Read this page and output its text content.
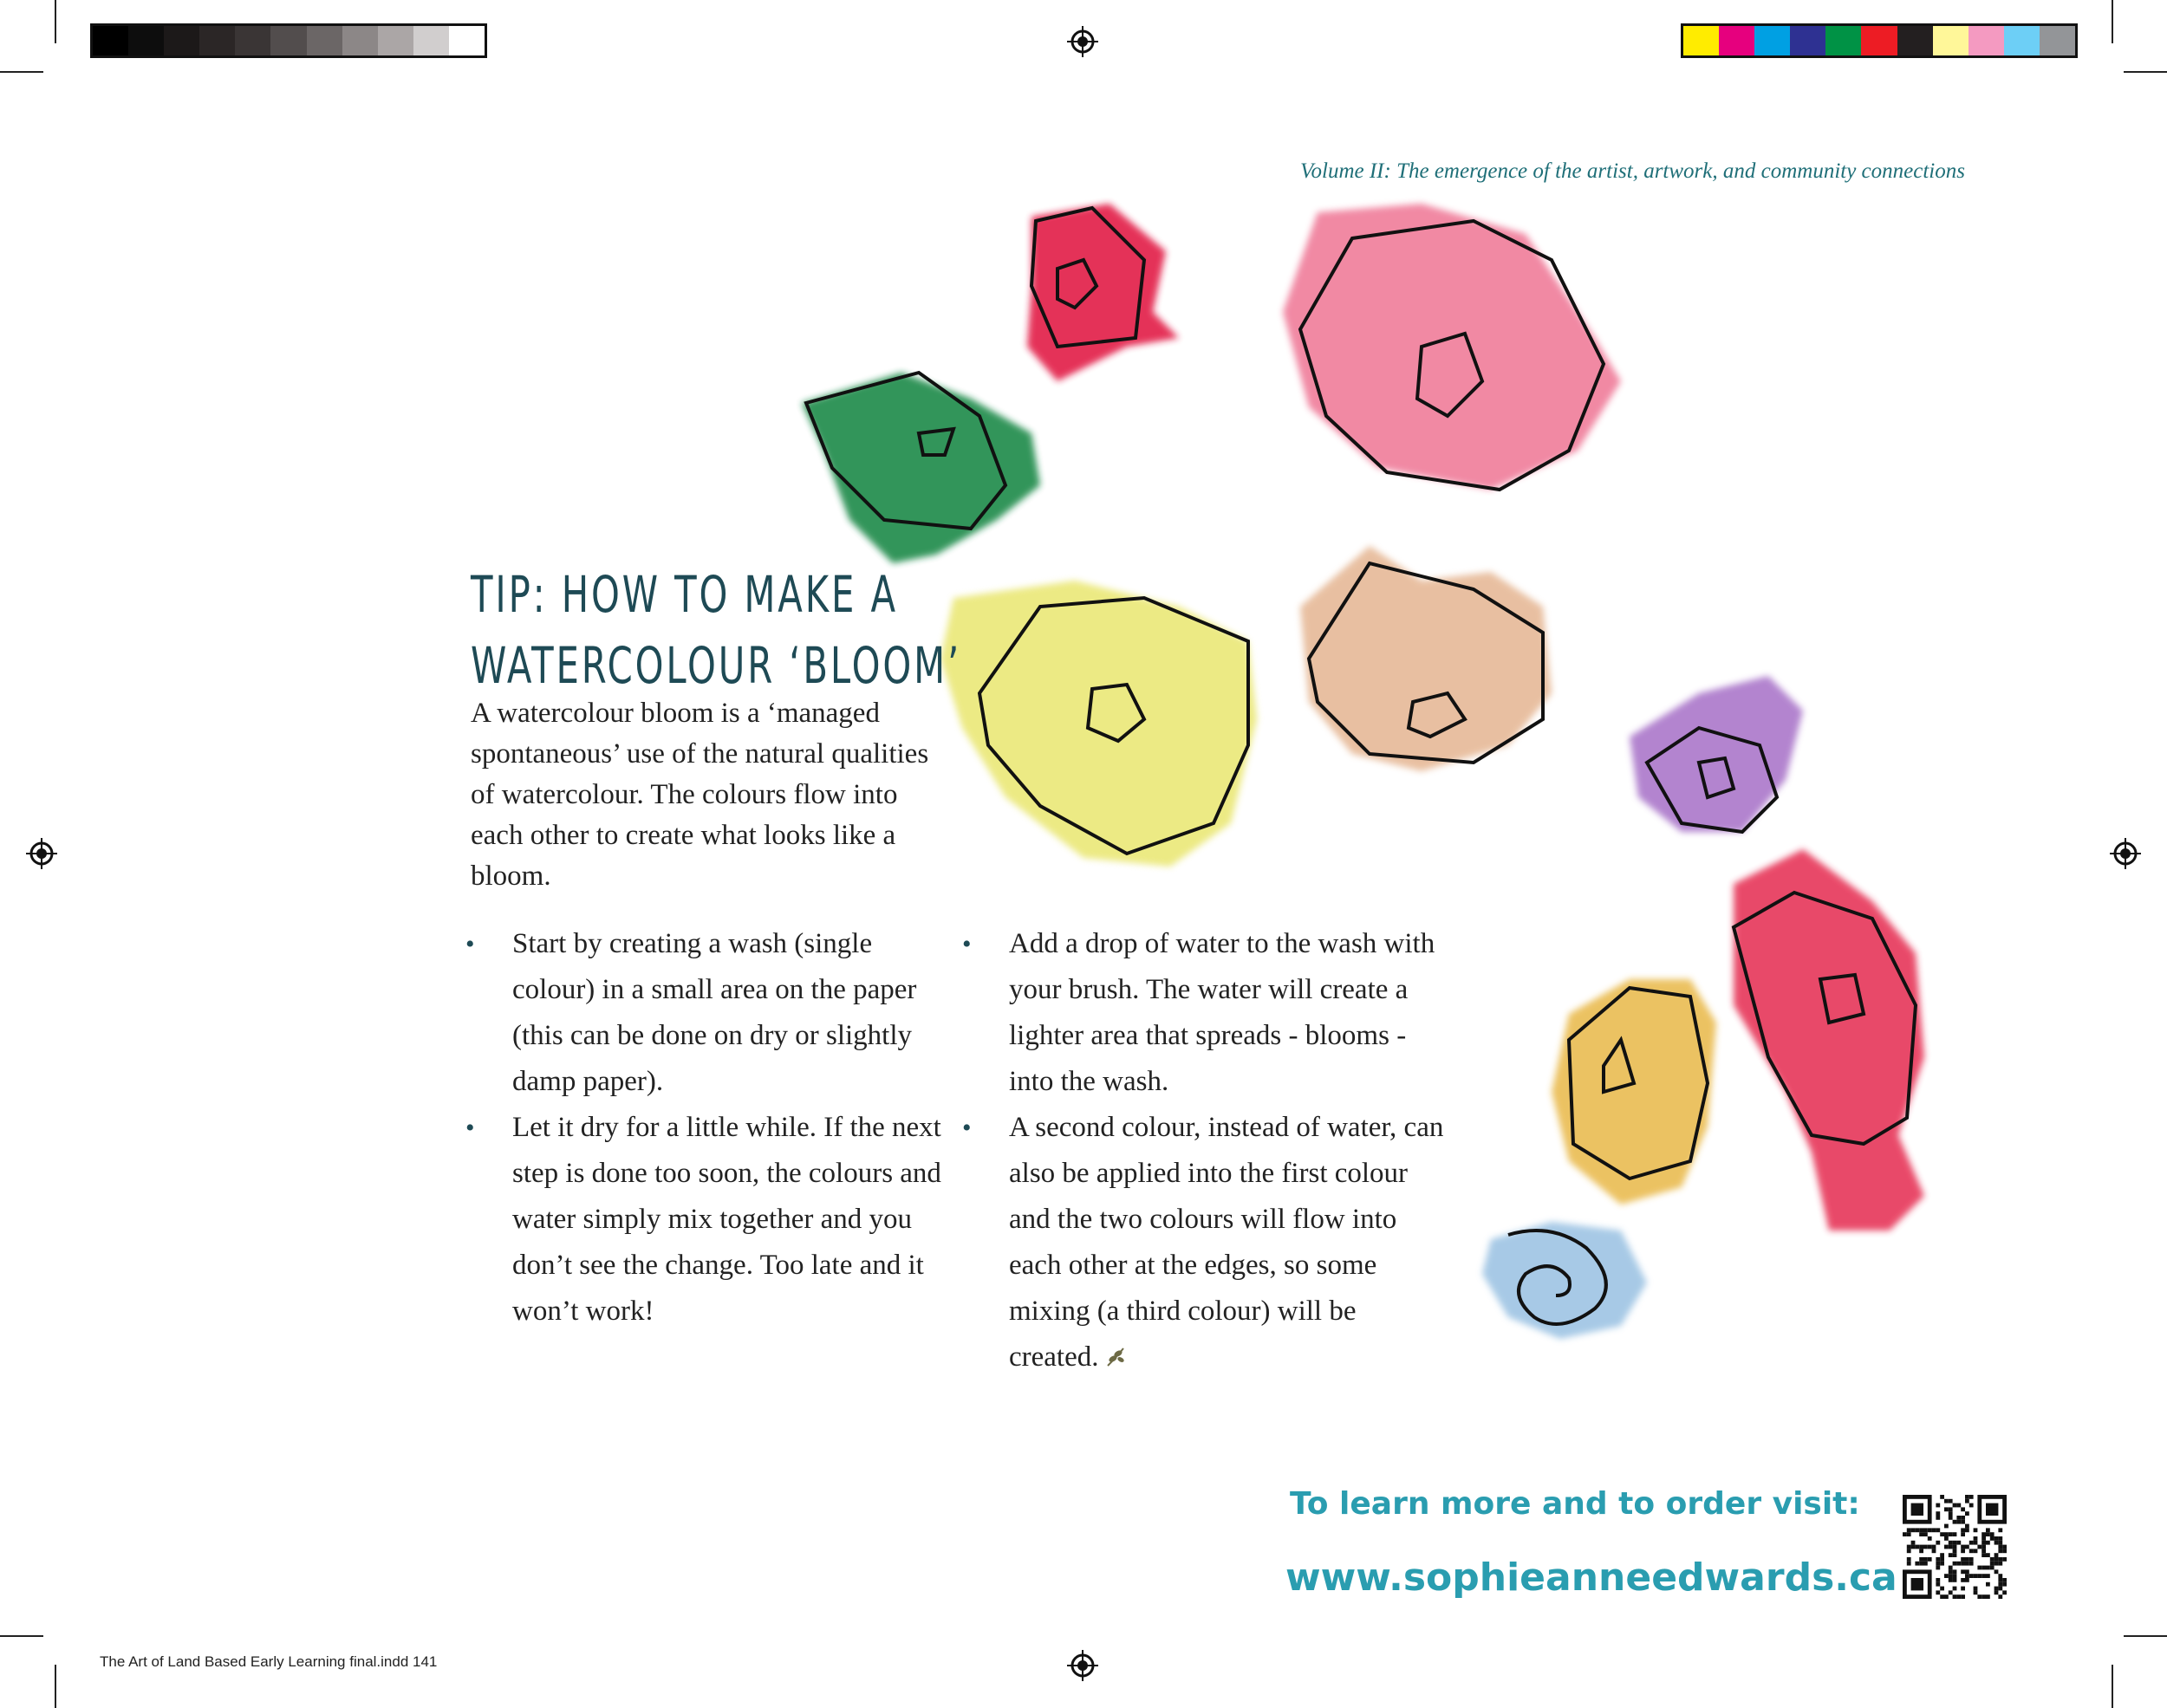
Volume II: The emergence of the artist, artwork, and community connections
TIP: HOW TO MAKE A
WATERCOLOUR ‘BLOOM’
A watercolour bloom is a ‘managed spontaneous’ use of the natural qualities of watercolour. The colours flow into each other to create what looks like a bloom.
• Start by creating a wash (single colour) in a small area on the paper (this can be done on dry or slightly damp paper).
• Let it dry for a little while. If the next step is done too soon, the colours and water simply mix together and you don’t see the change. Too late and it won’t work!
• Add a drop of water to the wash with your brush. The water will create a lighter area that spreads - blooms - into the wash.
• A second colour, instead of water, can also be applied into the first colour and the two colours will flow into each other at the edges, so some mixing (a third colour) will be created.
To learn more and to order visit:
www.sophieanneedwards.ca
The Art of Land Based Early Learning final.indd 141
